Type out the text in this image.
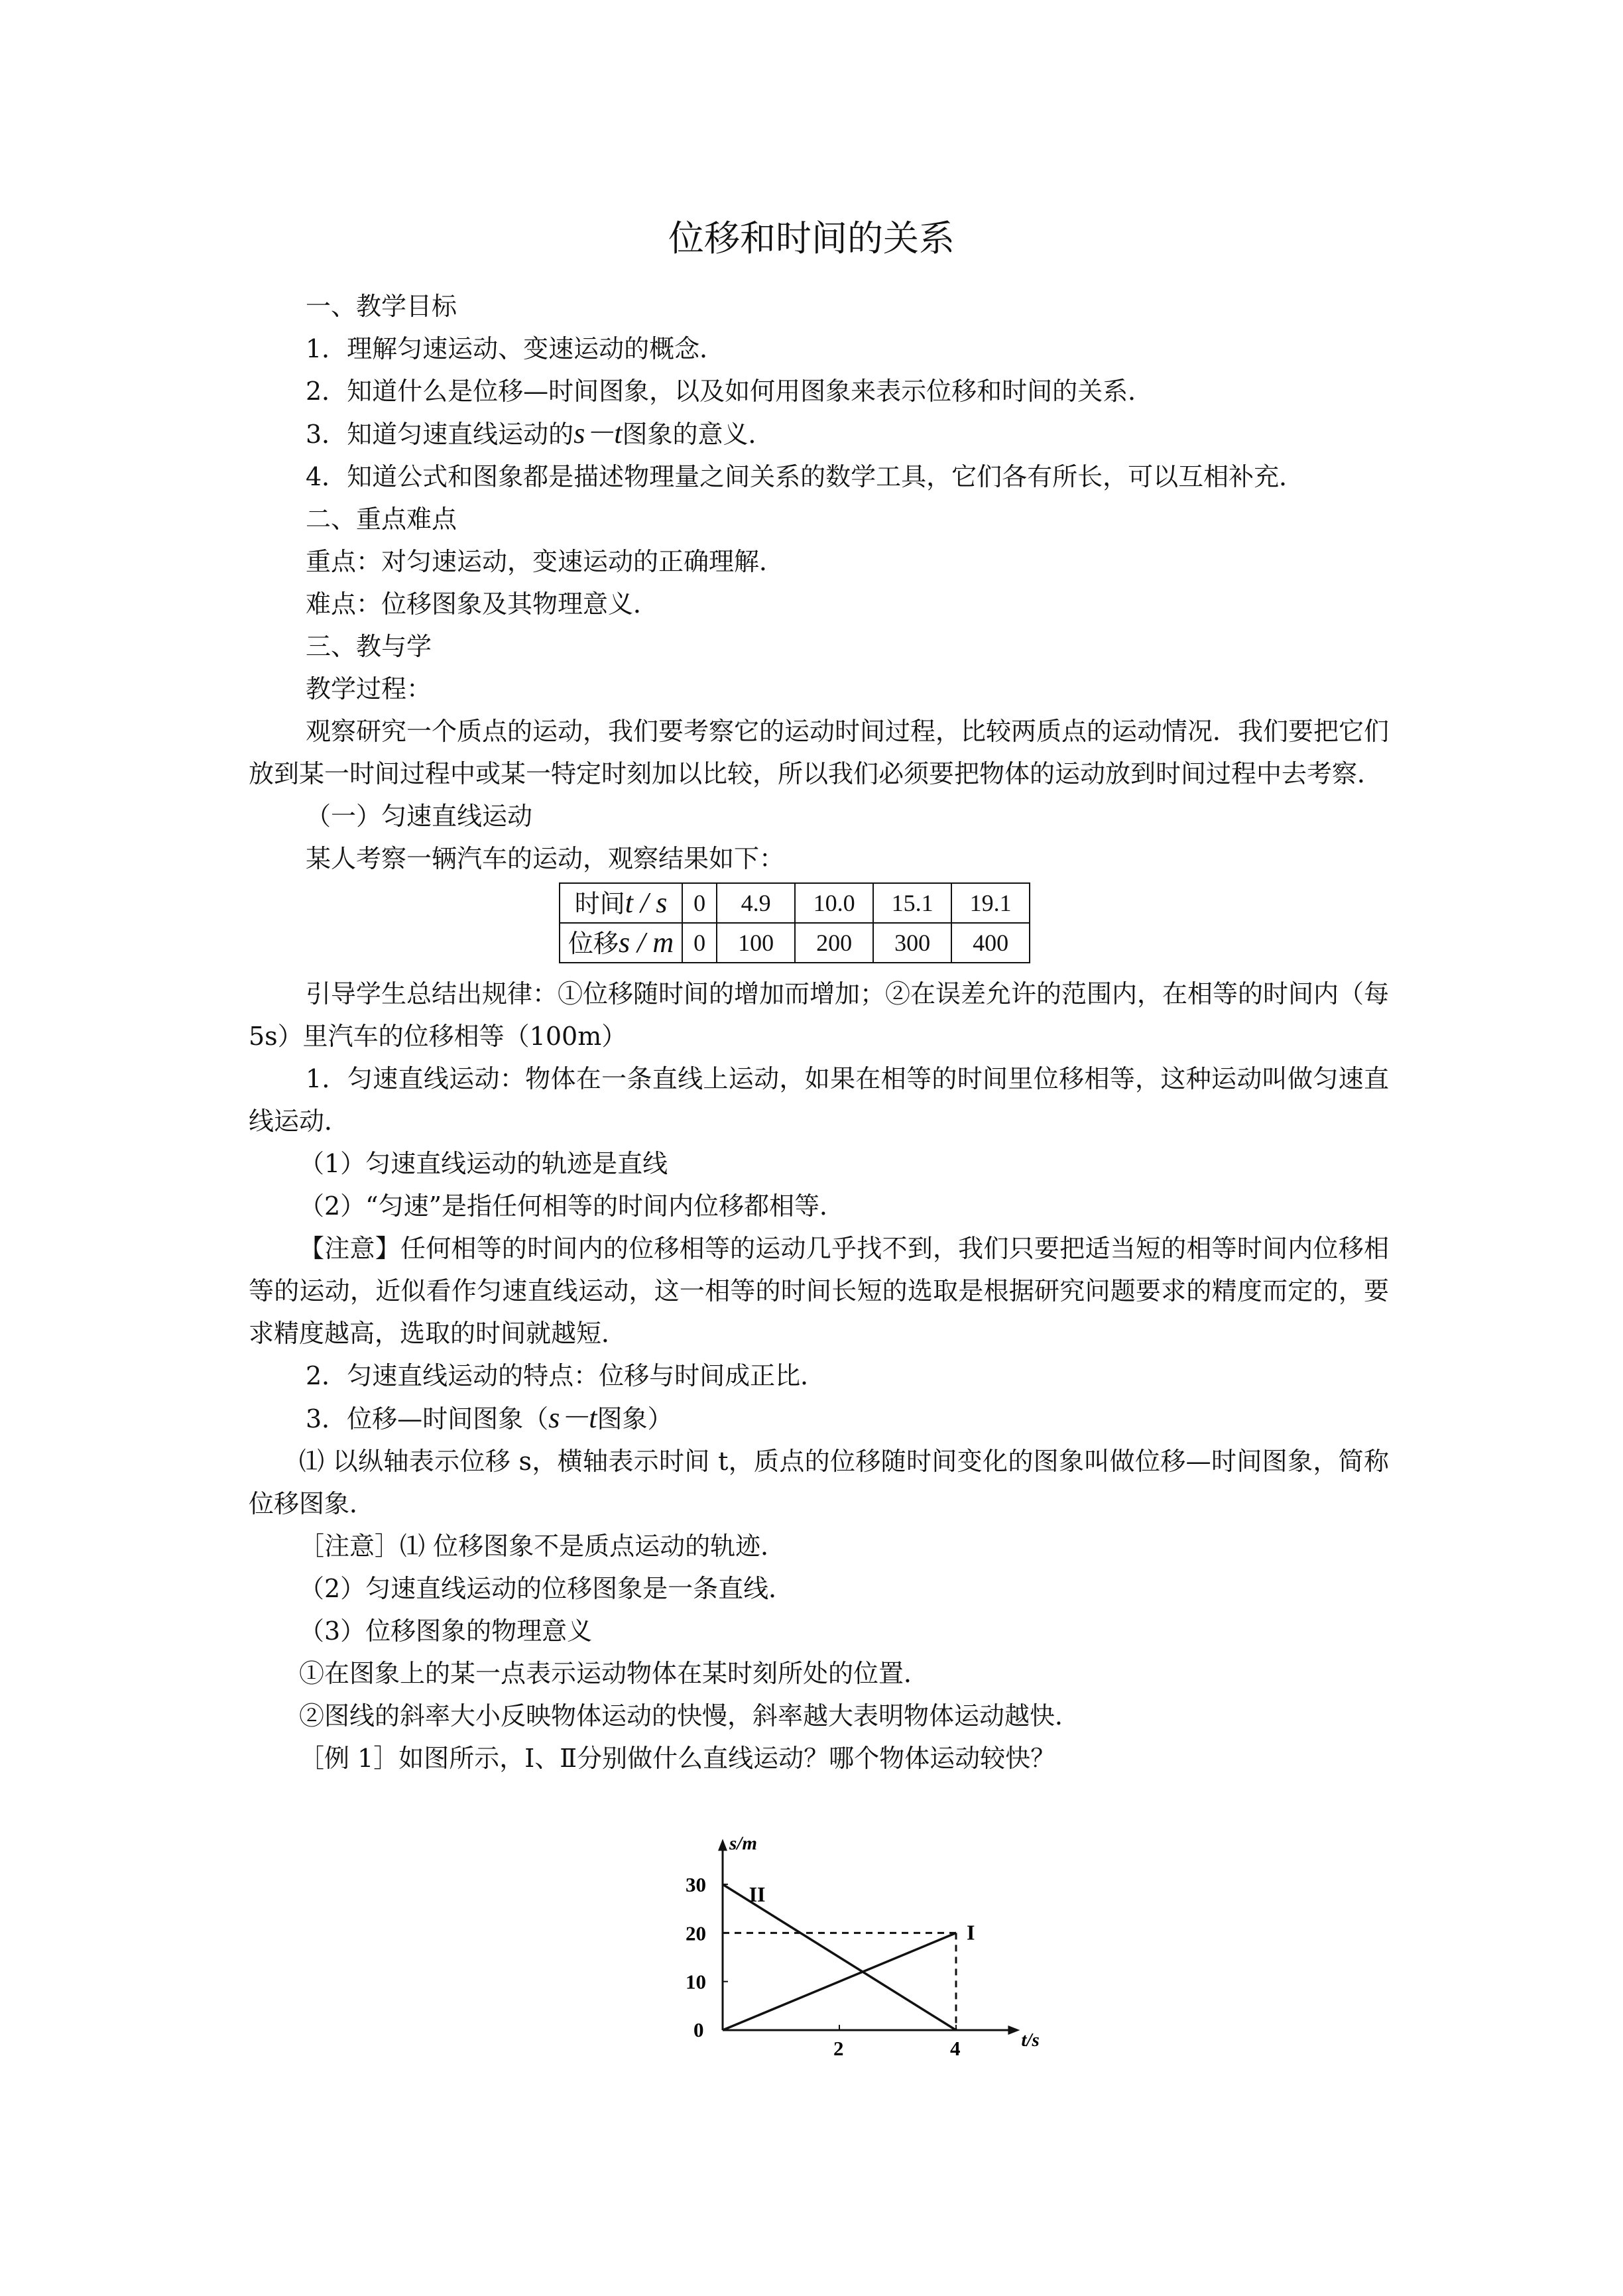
位移和时间的关系

一、教学目标

1．理解匀速运动、变速运动的概念．

2．知道什么是位移—时间图象，以及如何用图象来表示位移和时间的关系．

3．知道匀速直线运动的s－t图象的意义．

4．知道公式和图象都是描述物理量之间关系的数学工具，它们各有所长，可以互相补充．

二、重点难点

重点：对匀速运动，变速运动的正确理解．

难点：位移图象及其物理意义．

三、教与学

教学过程：

观察研究一个质点的运动，我们要考察它的运动时间过程，比较两质点的运动情况．我们要把它们放到某一时间过程中或某一特定时刻加以比较，所以我们必须要把物体的运动放到时间过程中去考察．

（一）匀速直线运动

某人考察一辆汽车的运动，观察结果如下：

时间t / s	0	4.9	10.0	15.1	19.1
位移s / m	0	100	200	300	400

引导学生总结出规律：①位移随时间的增加而增加；②在误差允许的范围内，在相等的时间内（每5s）里汽车的位移相等（100m）

1．匀速直线运动：物体在一条直线上运动，如果在相等的时间里位移相等，这种运动叫做匀速直线运动．

（1）匀速直线运动的轨迹是直线

（2）“匀速”是指任何相等的时间内位移都相等．

【注意】任何相等的时间内的位移相等的运动几乎找不到，我们只要把适当短的相等时间内位移相等的运动，近似看作匀速直线运动，这一相等的时间长短的选取是根据研究问题要求的精度而定的，要求精度越高，选取的时间就越短．

2．匀速直线运动的特点：位移与时间成正比．

3．位移—时间图象（s－t图象）

⑴ 以纵轴表示位移 s，横轴表示时间 t，质点的位移随时间变化的图象叫做位移—时间图象，简称位移图象．

［注意］⑴ 位移图象不是质点运动的轨迹．

（2）匀速直线运动的位移图象是一条直线．

（3）位移图象的物理意义

①在图象上的某一点表示运动物体在某时刻所处的位置．

②图线的斜率大小反映物体运动的快慢，斜率越大表明物体运动越快．

［例 1］如图所示，Ⅰ、Ⅱ分别做什么直线运动？哪个物体运动较快？

s/m
t/s
0
30
20
10
2	4
I
II
